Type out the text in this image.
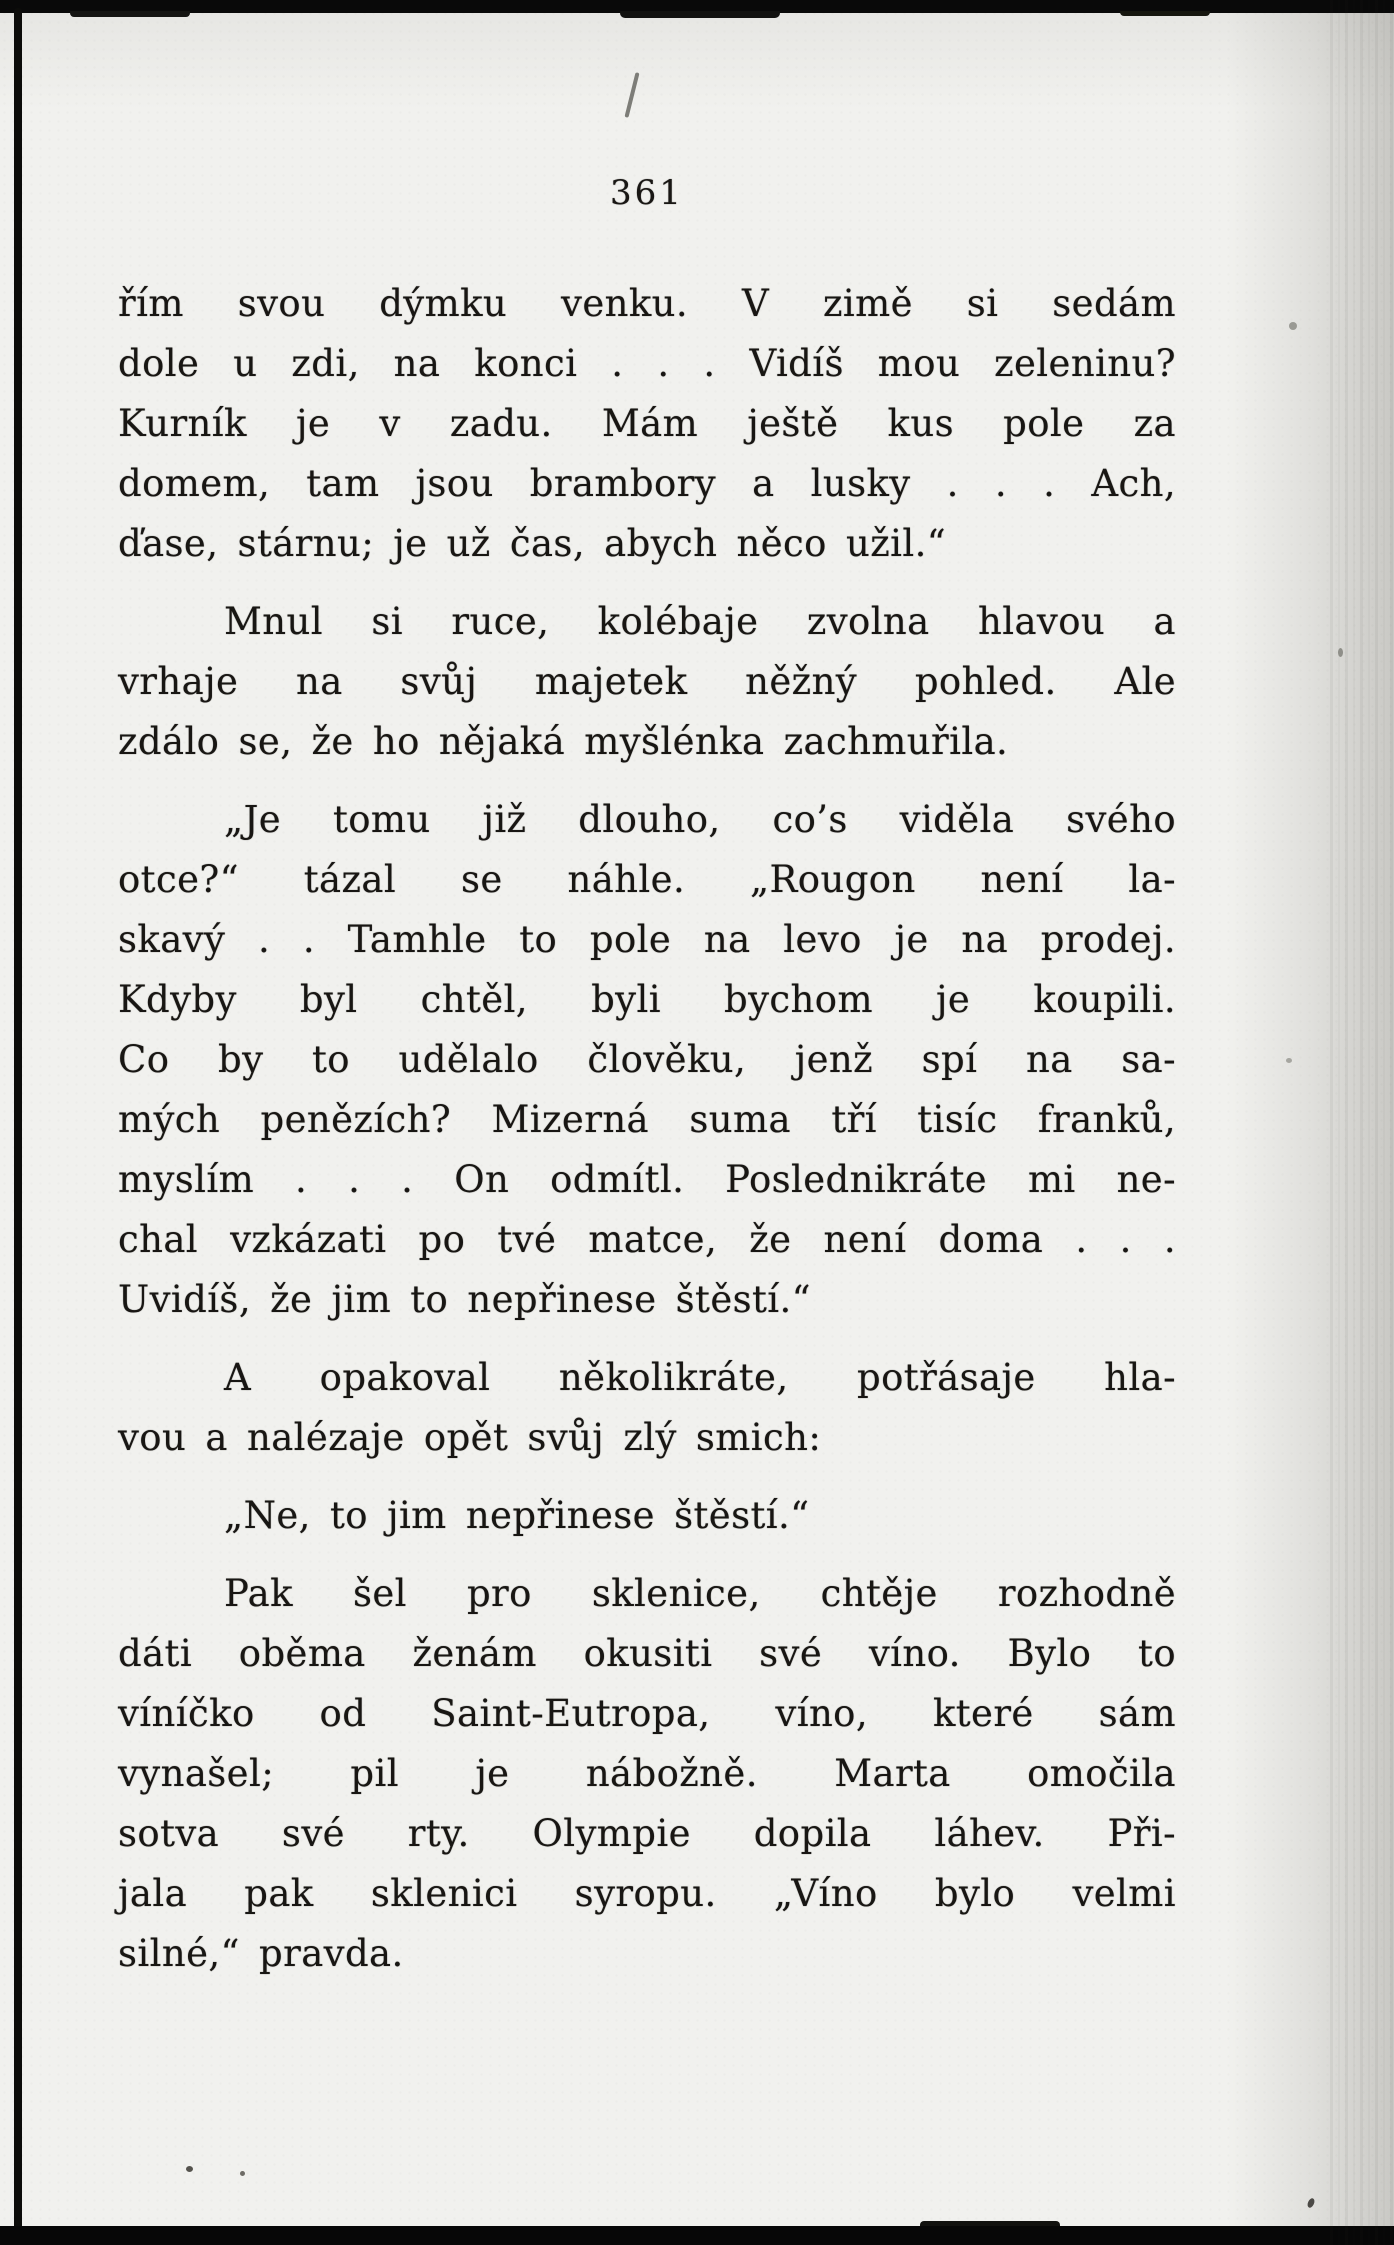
361
řím svou dýmku venku. V zimě si sedám
dole u zdi, na konci . . . Vidíš mou zeleninu?
Kurník je v zadu. Mám ještě kus pole za
domem, tam jsou brambory a lusky . . . Ach,
ďase, stárnu; je už čas, abych něco užil.“
Mnul si ruce, kolébaje zvolna hlavou a
vrhaje na svůj majetek něžný pohled. Ale
zdálo se, že ho nějaká myšlénka zachmuřila.
„Je tomu již dlouho, co’s viděla svého
otce?“ tázal se náhle. „Rougon není la-
skavý . . Tamhle to pole na levo je na prodej.
Kdyby byl chtěl, byli bychom je koupili.
Co by to udělalo člověku, jenž spí na sa-
mých penězích? Mizerná suma tří tisíc franků,
myslím . . . On odmítl. Poslednikráte mi ne-
chal vzkázati po tvé matce, že není doma . . .
Uvidíš, že jim to nepřinese štěstí.“
A opakoval několikráte, potřásaje hla-
vou a nalézaje opět svůj zlý smich:
„Ne, to jim nepřinese štěstí.“
Pak šel pro sklenice, chtěje rozhodně
dáti oběma ženám okusiti své víno. Bylo to
víníčko od Saint-Eutropa, víno, které sám
vynašel; pil je nábožně. Marta omočila
sotva své rty. Olympie dopila láhev. Při-
jala pak sklenici syropu. „Víno bylo velmi
silné,“ pravda.
